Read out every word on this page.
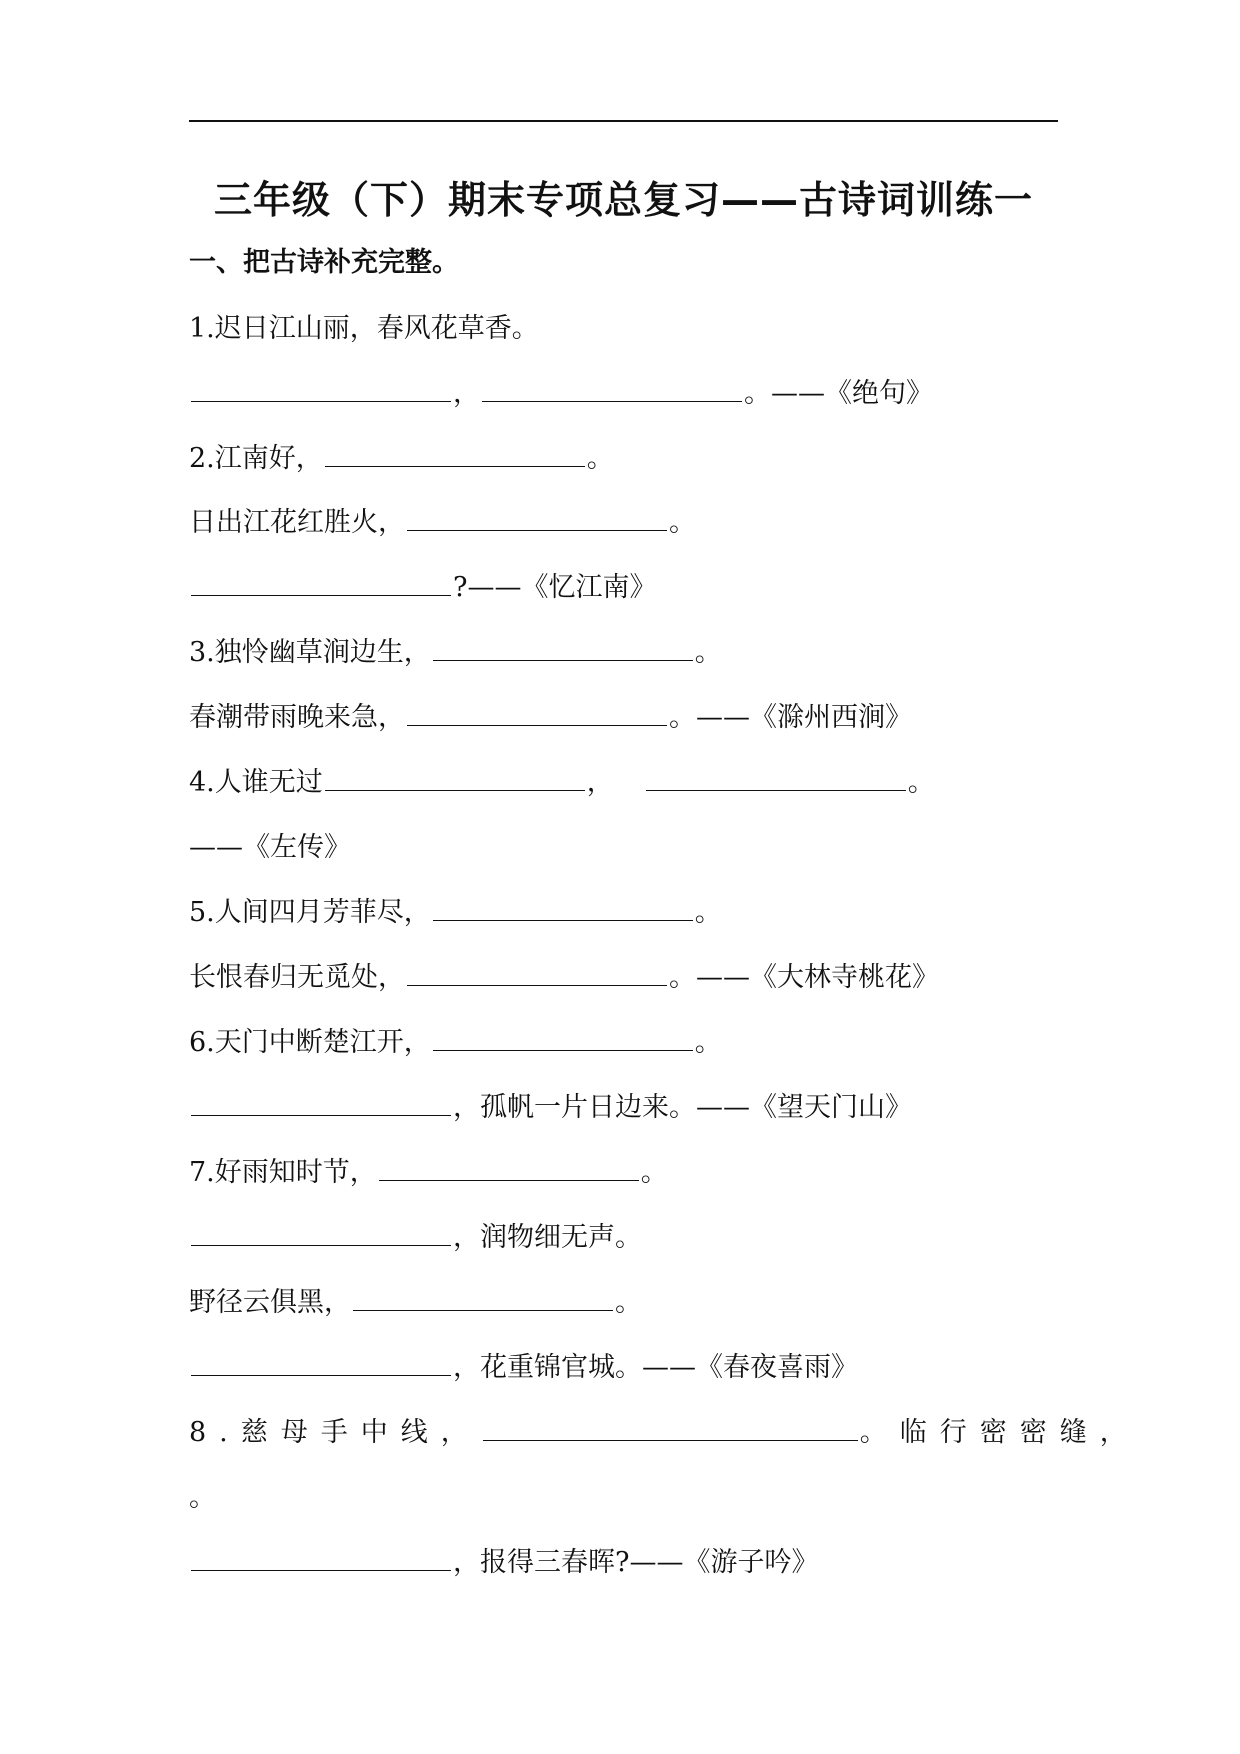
三年级（下）期末专项总复习——古诗词训练一
一、把古诗补充完整。
1.迟日江山丽，春风花草香。
，	。——《绝句》
2.江南好，	。
日出江花红胜火，	。
?——《忆江南》
3.独怜幽草涧边生，	。
春潮带雨晚来急，	。——《滁州西涧》
4.人谁无过	，	。
——《左传》
5.人间四月芳菲尽，	。
长恨春归无觅处，	。——《大林寺桃花》
6.天门中断楚江开，	。
，孤帆一片日边来。——《望天门山》
7.好雨知时节，	。
，润物细无声。
野径云俱黑，	。
，花重锦官城。——《春夜喜雨》
8.慈母手中线，	。临行密密缝，
。
，报得三春晖?——《游子吟》
